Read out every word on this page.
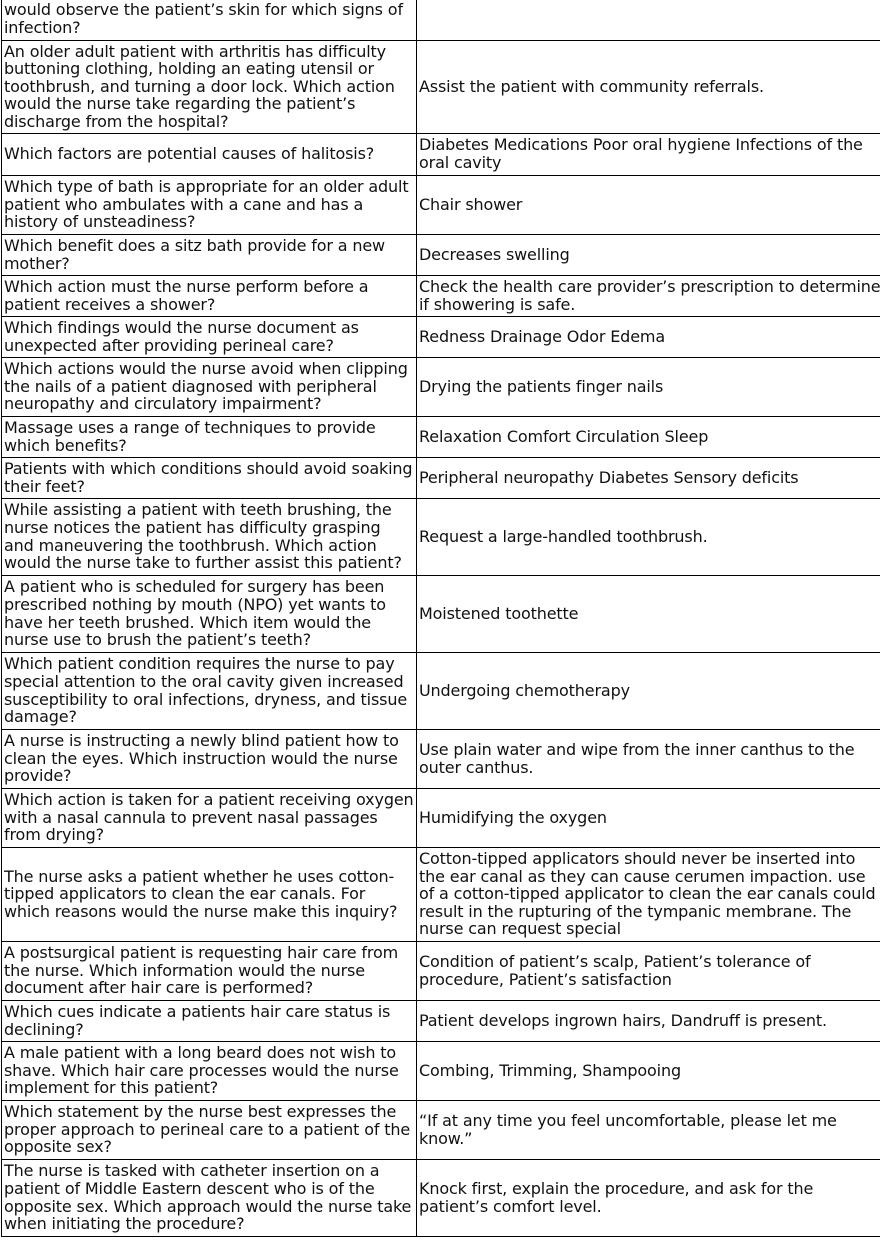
would observe the patient’s skin for which signs of infection?	
An older adult patient with arthritis has difficulty buttoning clothing, holding an eating utensil or toothbrush, and turning a door lock. Which action would the nurse take regarding the patient’s discharge from the hospital?	Assist the patient with community referrals.
Which factors are potential causes of halitosis?	Diabetes Medications Poor oral hygiene Infections of the oral cavity
Which type of bath is appropriate for an older adult patient who ambulates with a cane and has a history of unsteadiness?	Chair shower
Which benefit does a sitz bath provide for a new mother?	Decreases swelling
Which action must the nurse perform before a patient receives a shower?	Check the health care provider’s prescription to determine if showering is safe.
Which findings would the nurse document as unexpected after providing perineal care?	Redness Drainage Odor Edema
Which actions would the nurse avoid when clipping the nails of a patient diagnosed with peripheral neuropathy and circulatory impairment?	Drying the patients finger nails
Massage uses a range of techniques to provide which benefits?	Relaxation Comfort Circulation Sleep
Patients with which conditions should avoid soaking their feet?	Peripheral neuropathy Diabetes Sensory deficits
While assisting a patient with teeth brushing, the nurse notices the patient has difficulty grasping and maneuvering the toothbrush. Which action would the nurse take to further assist this patient?	Request a large-handled toothbrush.
A patient who is scheduled for surgery has been prescribed nothing by mouth (NPO) yet wants to have her teeth brushed. Which item would the nurse use to brush the patient’s teeth?	Moistened toothette
Which patient condition requires the nurse to pay special attention to the oral cavity given increased susceptibility to oral infections, dryness, and tissue damage?	Undergoing chemotherapy
A nurse is instructing a newly blind patient how to clean the eyes. Which instruction would the nurse provide?	Use plain water and wipe from the inner canthus to the outer canthus.
Which action is taken for a patient receiving oxygen with a nasal cannula to prevent nasal passages from drying?	Humidifying the oxygen
The nurse asks a patient whether he uses cotton-tipped applicators to clean the ear canals. For which reasons would the nurse make this inquiry?	Cotton-tipped applicators should never be inserted into the ear canal as they can cause cerumen impaction. use of a cotton-tipped applicator to clean the ear canals could result in the rupturing of the tympanic membrane. The nurse can request special
A postsurgical patient is requesting hair care from the nurse. Which information would the nurse document after hair care is performed?	Condition of patient’s scalp, Patient’s tolerance of procedure, Patient’s satisfaction
Which cues indicate a patients hair care status is declining?	Patient develops ingrown hairs, Dandruff is present.
A male patient with a long beard does not wish to shave. Which hair care processes would the nurse implement for this patient?	Combing, Trimming, Shampooing
Which statement by the nurse best expresses the proper approach to perineal care to a patient of the opposite sex?	“If at any time you feel uncomfortable, please let me know.”
The nurse is tasked with catheter insertion on a patient of Middle Eastern descent who is of the opposite sex. Which approach would the nurse take when initiating the procedure?	Knock first, explain the procedure, and ask for the patient’s comfort level.
